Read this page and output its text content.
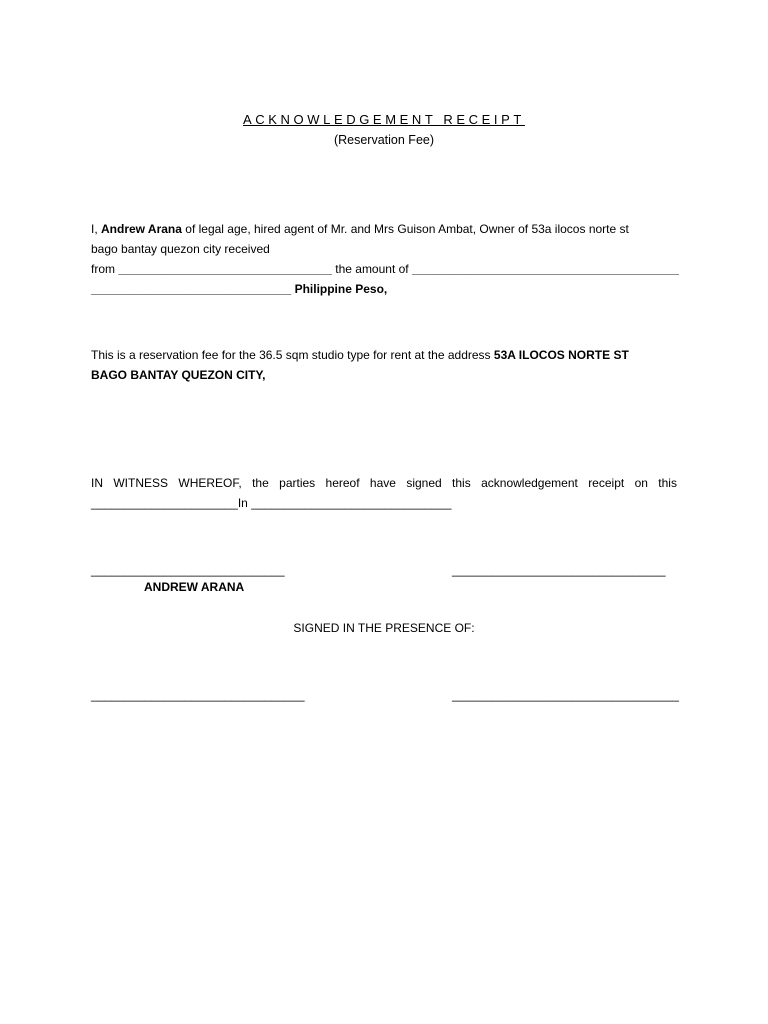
ACKNOWLEDGEMENT RECEIPT
(Reservation Fee)
I, Andrew Arana of legal age, hired agent of Mr. and Mrs Guison Ambat, Owner of 53a ilocos norte st
bago bantay quezon city received
from ________________________________ the amount of ________________________________________
______________________________ Philippine Peso,
This is a reservation fee for the 36.5 sqm studio type for rent at the address 53A ILOCOS NORTE ST
BAGO BANTAY QUEZON CITY,
IN WITNESS WHEREOF, the parties hereof have signed this acknowledgement receipt on this
______________________In ______________________________
_____________________________	________________________________
ANDREW ARANA
SIGNED IN THE PRESENCE OF:
________________________________	__________________________________
